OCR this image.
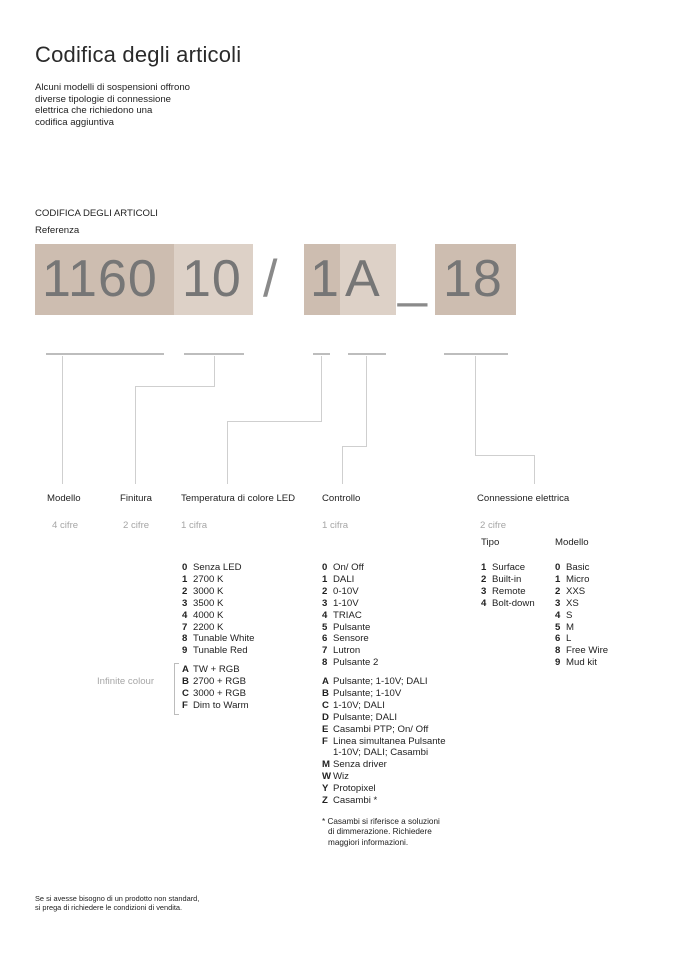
Codifica degli articoli
Alcuni modelli di sospensioni offrono
diverse tipologie di connessione
elettrica che richiedono una
codifica aggiuntiva
CODIFICA DEGLI ARTICOLI
Referenza
1160 10 / 1 A _ 18
Modello	Finitura	Temperatura di colore LED	Controllo	Connessione elettrica
4 cifre	2 cifre	1 cifra	1 cifra	2 cifre
Tipo	Modello
0 Senza LED
1 2700 K
2 3000 K
3 3500 K
4 4000 K
7 2200 K
8 Tunable White
9 Tunable Red
Infinite colour
A TW + RGB
B 2700 + RGB
C 3000 + RGB
F Dim to Warm
0 On/ Off
1 DALI
2 0-10V
3 1-10V
4 TRIAC
5 Pulsante
6 Sensore
7 Lutron
8 Pulsante 2
A Pulsante; 1-10V; DALI
B Pulsante; 1-10V
C 1-10V; DALI
D Pulsante; DALI
E Casambi PTP; On/ Off
F Linea simultanea Pulsante
1-10V; DALI; Casambi
M Senza driver
W Wiz
Y Protopixel
Z Casambi *
* Casambi si riferisce a soluzioni
di dimmerazione. Richiedere
maggiori informazioni.
1 Surface
2 Built-in
3 Remote
4 Bolt-down
0 Basic
1 Micro
2 XXS
3 XS
4 S
5 M
6 L
8 Free Wire
9 Mud kit
Se si avesse bisogno di un prodotto non standard,
si prega di richiedere le condizioni di vendita.
